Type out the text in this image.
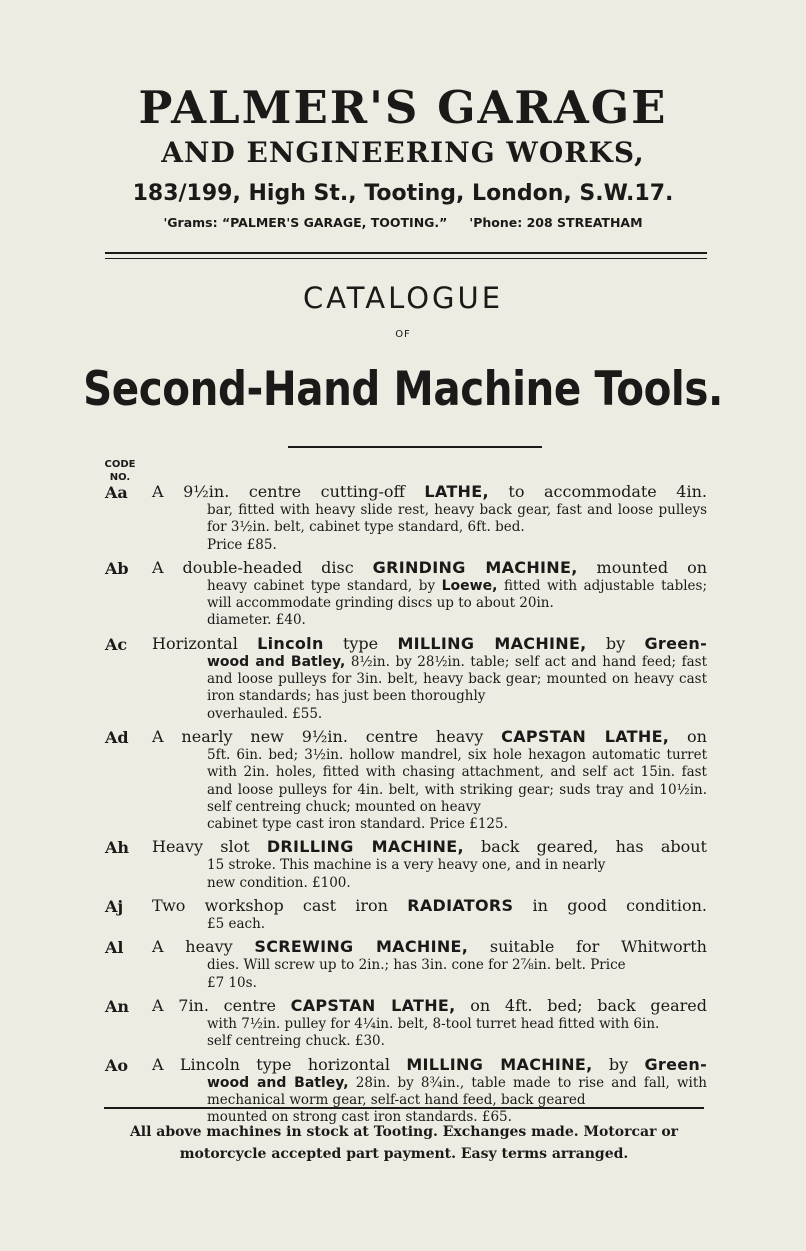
PALMER'S GARAGE
AND ENGINEERING WORKS,
183/199, High St., Tooting, London, S.W.17.
'Grams: “PALMER'S GARAGE, TOOTING.” 'Phone: 208 STREATHAM
CATALOGUE
OF
Second-Hand Machine Tools.
CODE
NO.
Aa A 9½in. centre cutting-off LATHE, to accommodate 4in.
bar, fitted with heavy slide rest, heavy back gear, fast and loose pulleys for 3½in. belt, cabinet type standard, 6ft. bed.
Price £85.
Ab A double-headed disc GRINDING MACHINE, mounted on
heavy cabinet type standard, by Loewe, fitted with adjustable tables; will accommodate grinding discs up to about 20in.
diameter. £40.
Ac Horizontal Lincoln type MILLING MACHINE, by Green-
wood and Batley, 8½in. by 28½in. table; self act and hand feed; fast and loose pulleys for 3in. belt, heavy back gear; mounted on heavy cast iron standards; has just been thoroughly
overhauled. £55.
Ad A nearly new 9½in. centre heavy CAPSTAN LATHE, on
5ft. 6in. bed; 3½in. hollow mandrel, six hole hexagon automatic turret with 2in. holes, fitted with chasing attachment, and self act 15in. fast and loose pulleys for 4in. belt, with striking gear; suds tray and 10½in. self centreing chuck; mounted on heavy
cabinet type cast iron standard. Price £125.
Ah Heavy slot DRILLING MACHINE, back geared, has about
15 stroke. This machine is a very heavy one, and in nearly
new condition. £100.
Aj Two workshop cast iron RADIATORS in good condition.
£5 each.
Al A heavy SCREWING MACHINE, suitable for Whitworth
dies. Will screw up to 2in.; has 3in. cone for 2⅞in. belt. Price
£7 10s.
An A 7in. centre CAPSTAN LATHE, on 4ft. bed; back geared
with 7½in. pulley for 4¼in. belt, 8-tool turret head fitted with 6in.
self centreing chuck. £30.
Ao A Lincoln type horizontal MILLING MACHINE, by Green-
wood and Batley, 28in. by 8¾in., table made to rise and fall, with mechanical worm gear, self-act hand feed, back geared
mounted on strong cast iron standards. £65.
All above machines in stock at Tooting. Exchanges made. Motorcar or
motorcycle accepted part payment. Easy terms arranged.
